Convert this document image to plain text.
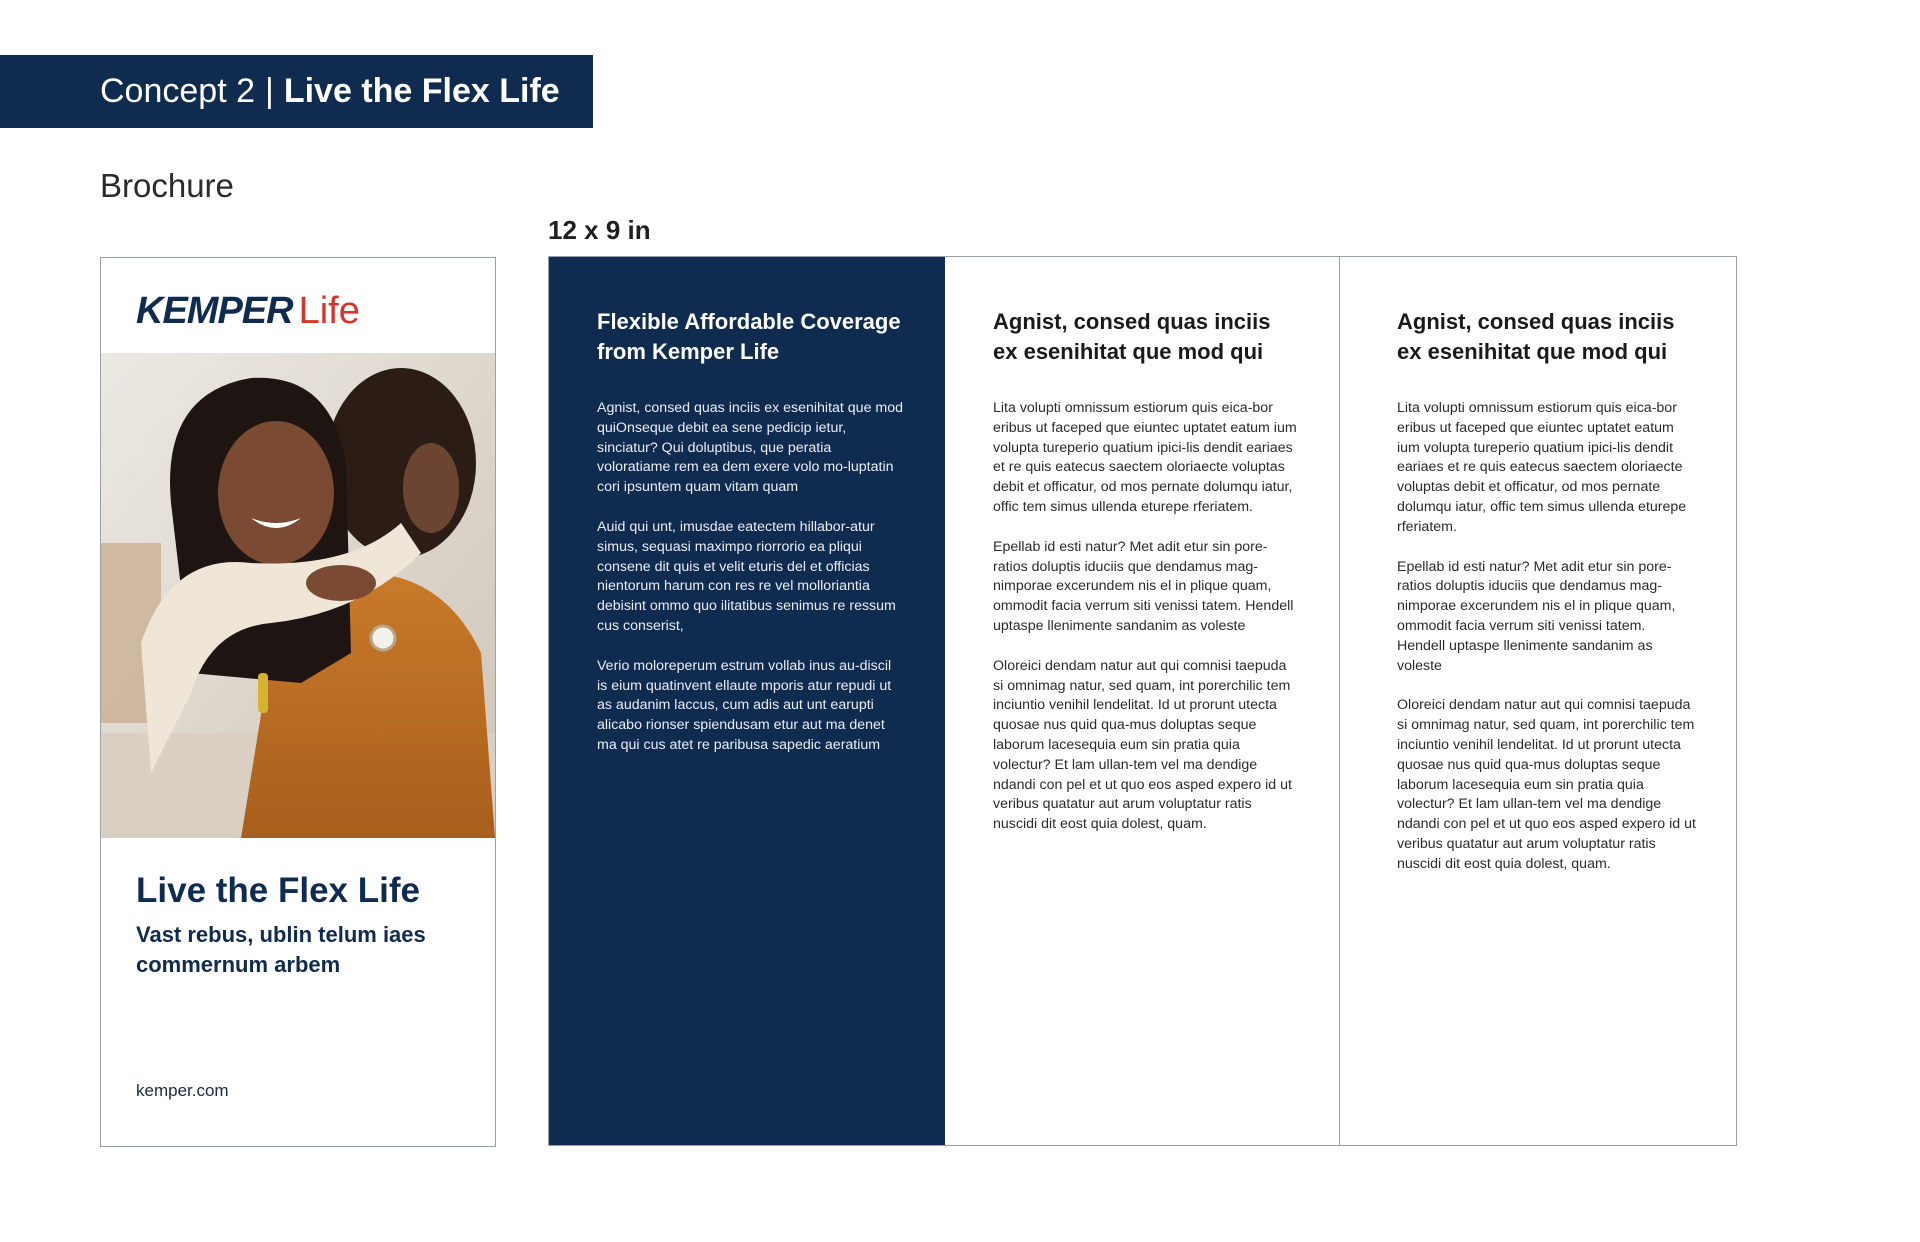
Concept 2 | Live the Flex Life
Brochure
12 x 9 in
KEMPER Life
Live the Flex Life
Vast rebus, ublin telum iaes commernum arbem
kemper.com
Flexible Affordable Coverage from Kemper Life

Agnist, consed quas inciis ex esenihitat que mod quiOnseque debit ea sene pedicip ietur, sinciatur? Qui doluptibus, que peratia voloratiame rem ea dem exere volo mo-luptatin cori ipsuntem quam vitam quam

Auid qui unt, imusdae eatectem hillabor-atur simus, sequasi maximpo riorrorio ea pliqui consene dit quis et velit eturis del et officias nientorum harum con res re vel molloriantia debisint ommo quo ilitatibus senimus re ressum cus conserist,

Verio moloreperum estrum vollab inus au-discil is eium quatinvent ellaute mporis atur repudi ut as audanim laccus, cum adis aut unt earupti alicabo rionser spiendusam etur aut ma denet ma qui cus atet re paribusa sapedic aeratium

Agnist, consed quas inciis ex esenihitat que mod qui

Lita volupti omnissum estiorum quis eica-bor eribus ut faceped que eiuntec uptatet eatum ium volupta tureperio quatium ipici-lis dendit eariaes et re quis eatecus saectem oloriaecte voluptas debit et officatur, od mos pernate dolumqu iatur, offic tem simus ullenda eturepe rferiatem.

Epellab id esti natur? Met adit etur sin pore-ratios doluptis iduciis que dendamus mag-nimporae excerundem nis el in plique quam, ommodit facia verrum siti venissi tatem. Hendell uptaspe llenimente sandanim as voleste

Oloreici dendam natur aut qui comnisi taepuda si omnimag natur, sed quam, int porerchilic tem inciuntio venihil lendelitat. Id ut prorunt utecta quosae nus quid qua-mus doluptas seque laborum lacesequia eum sin pratia quia volectur? Et lam ullan-tem vel ma dendige ndandi con pel et ut quo eos asped expero id ut veribus quatatur aut arum voluptatur ratis nuscidi dit eost quia dolest, quam.

Agnist, consed quas inciis ex esenihitat que mod qui

Lita volupti omnissum estiorum quis eica-bor eribus ut faceped que eiuntec uptatet eatum ium volupta tureperio quatium ipici-lis dendit eariaes et re quis eatecus saectem oloriaecte voluptas debit et officatur, od mos pernate dolumqu iatur, offic tem simus ullenda eturepe rferiatem.

Epellab id esti natur? Met adit etur sin pore-ratios doluptis iduciis que dendamus mag-nimporae excerundem nis el in plique quam, ommodit facia verrum siti venissi tatem. Hendell uptaspe llenimente sandanim as voleste

Oloreici dendam natur aut qui comnisi taepuda si omnimag natur, sed quam, int porerchilic tem inciuntio venihil lendelitat. Id ut prorunt utecta quosae nus quid qua-mus doluptas seque laborum lacesequia eum sin pratia quia volectur? Et lam ullan-tem vel ma dendige ndandi con pel et ut quo eos asped expero id ut veribus quatatur aut arum voluptatur ratis nuscidi dit eost quia dolest, quam.
